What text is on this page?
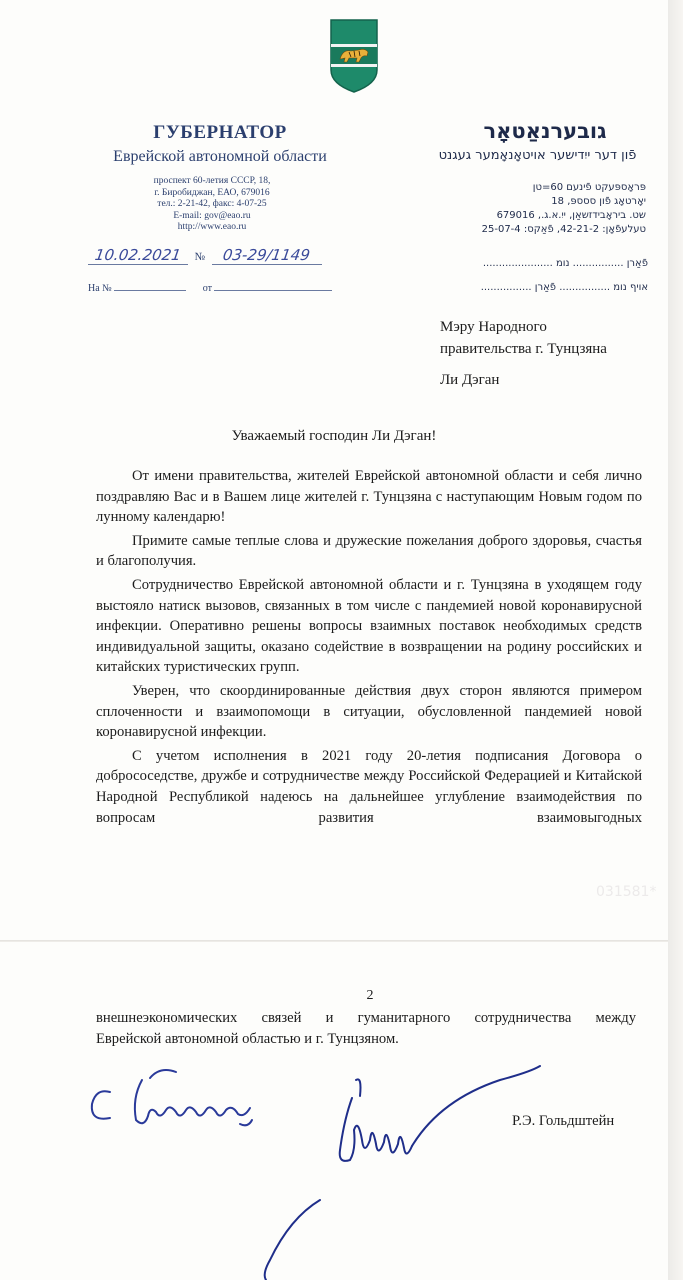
ГУБЕРНАТОР
Еврейской автономной области
проспект 60-летия СССР, 18,
г. Биробиджан, ЕАО, 679016
тел.: 2-21-42, факс: 4-07-25
E-mail: gov@eao.ru
http://www.eao.ru
10.02.2021 № 03-29/1149
На №	от
גובערנאַטאָר
פֿון דער ייִדישער אויטאָנאָמער געגנט
פּראָספּעקט פֿינעם 60=טן
יאָרטאָג פֿון ססספּ, 18
שט. ביראָבידזשאַן, ייִ.א.ג., 679016
טעלעפֿאָן: 42-21-2, פֿאַקס: 25-07-4
פֿאַרן ................ נומ ......................
אויף נומ ................ פֿאַרן ................
Мэру Народного
правительства г. Тунцзяна
Ли Дэган
Уважаемый господин Ли Дэган!

От имени правительства, жителей Еврейской автономной области и себя лично поздравляю Вас и в Вашем лице жителей г. Тунцзяна с наступающим Новым годом по лунному календарю!

Примите самые теплые слова и дружеские пожелания доброго здоровья, счастья и благополучия.

Сотрудничество Еврейской автономной области и г. Тунцзяна в уходящем году выстояло натиск вызовов, связанных в том числе с пандемией новой коронавирусной инфекции. Оперативно решены вопросы взаимных поставок необходимых средств индивидуальной защиты, оказано содействие в возвращении на родину российских и китайских туристических групп.

Уверен, что скоординированные действия двух сторон являются примером сплоченности и взаимопомощи в ситуации, обусловленной пандемией новой коронавирусной инфекции.

С учетом исполнения в 2021 году 20-летия подписания Договора о добрососедстве, дружбе и сотрудничестве между Российской Федерацией и Китайской Народной Республикой надеюсь на дальнейшее углубление взаимодействия по вопросам развития взаимовыгодных

031581*
2

внешнеэкономических связей и гуманитарного сотрудничества между

Еврейской автономной областью и г. Тунцзяном.

Р.Э. Гольдштейн
